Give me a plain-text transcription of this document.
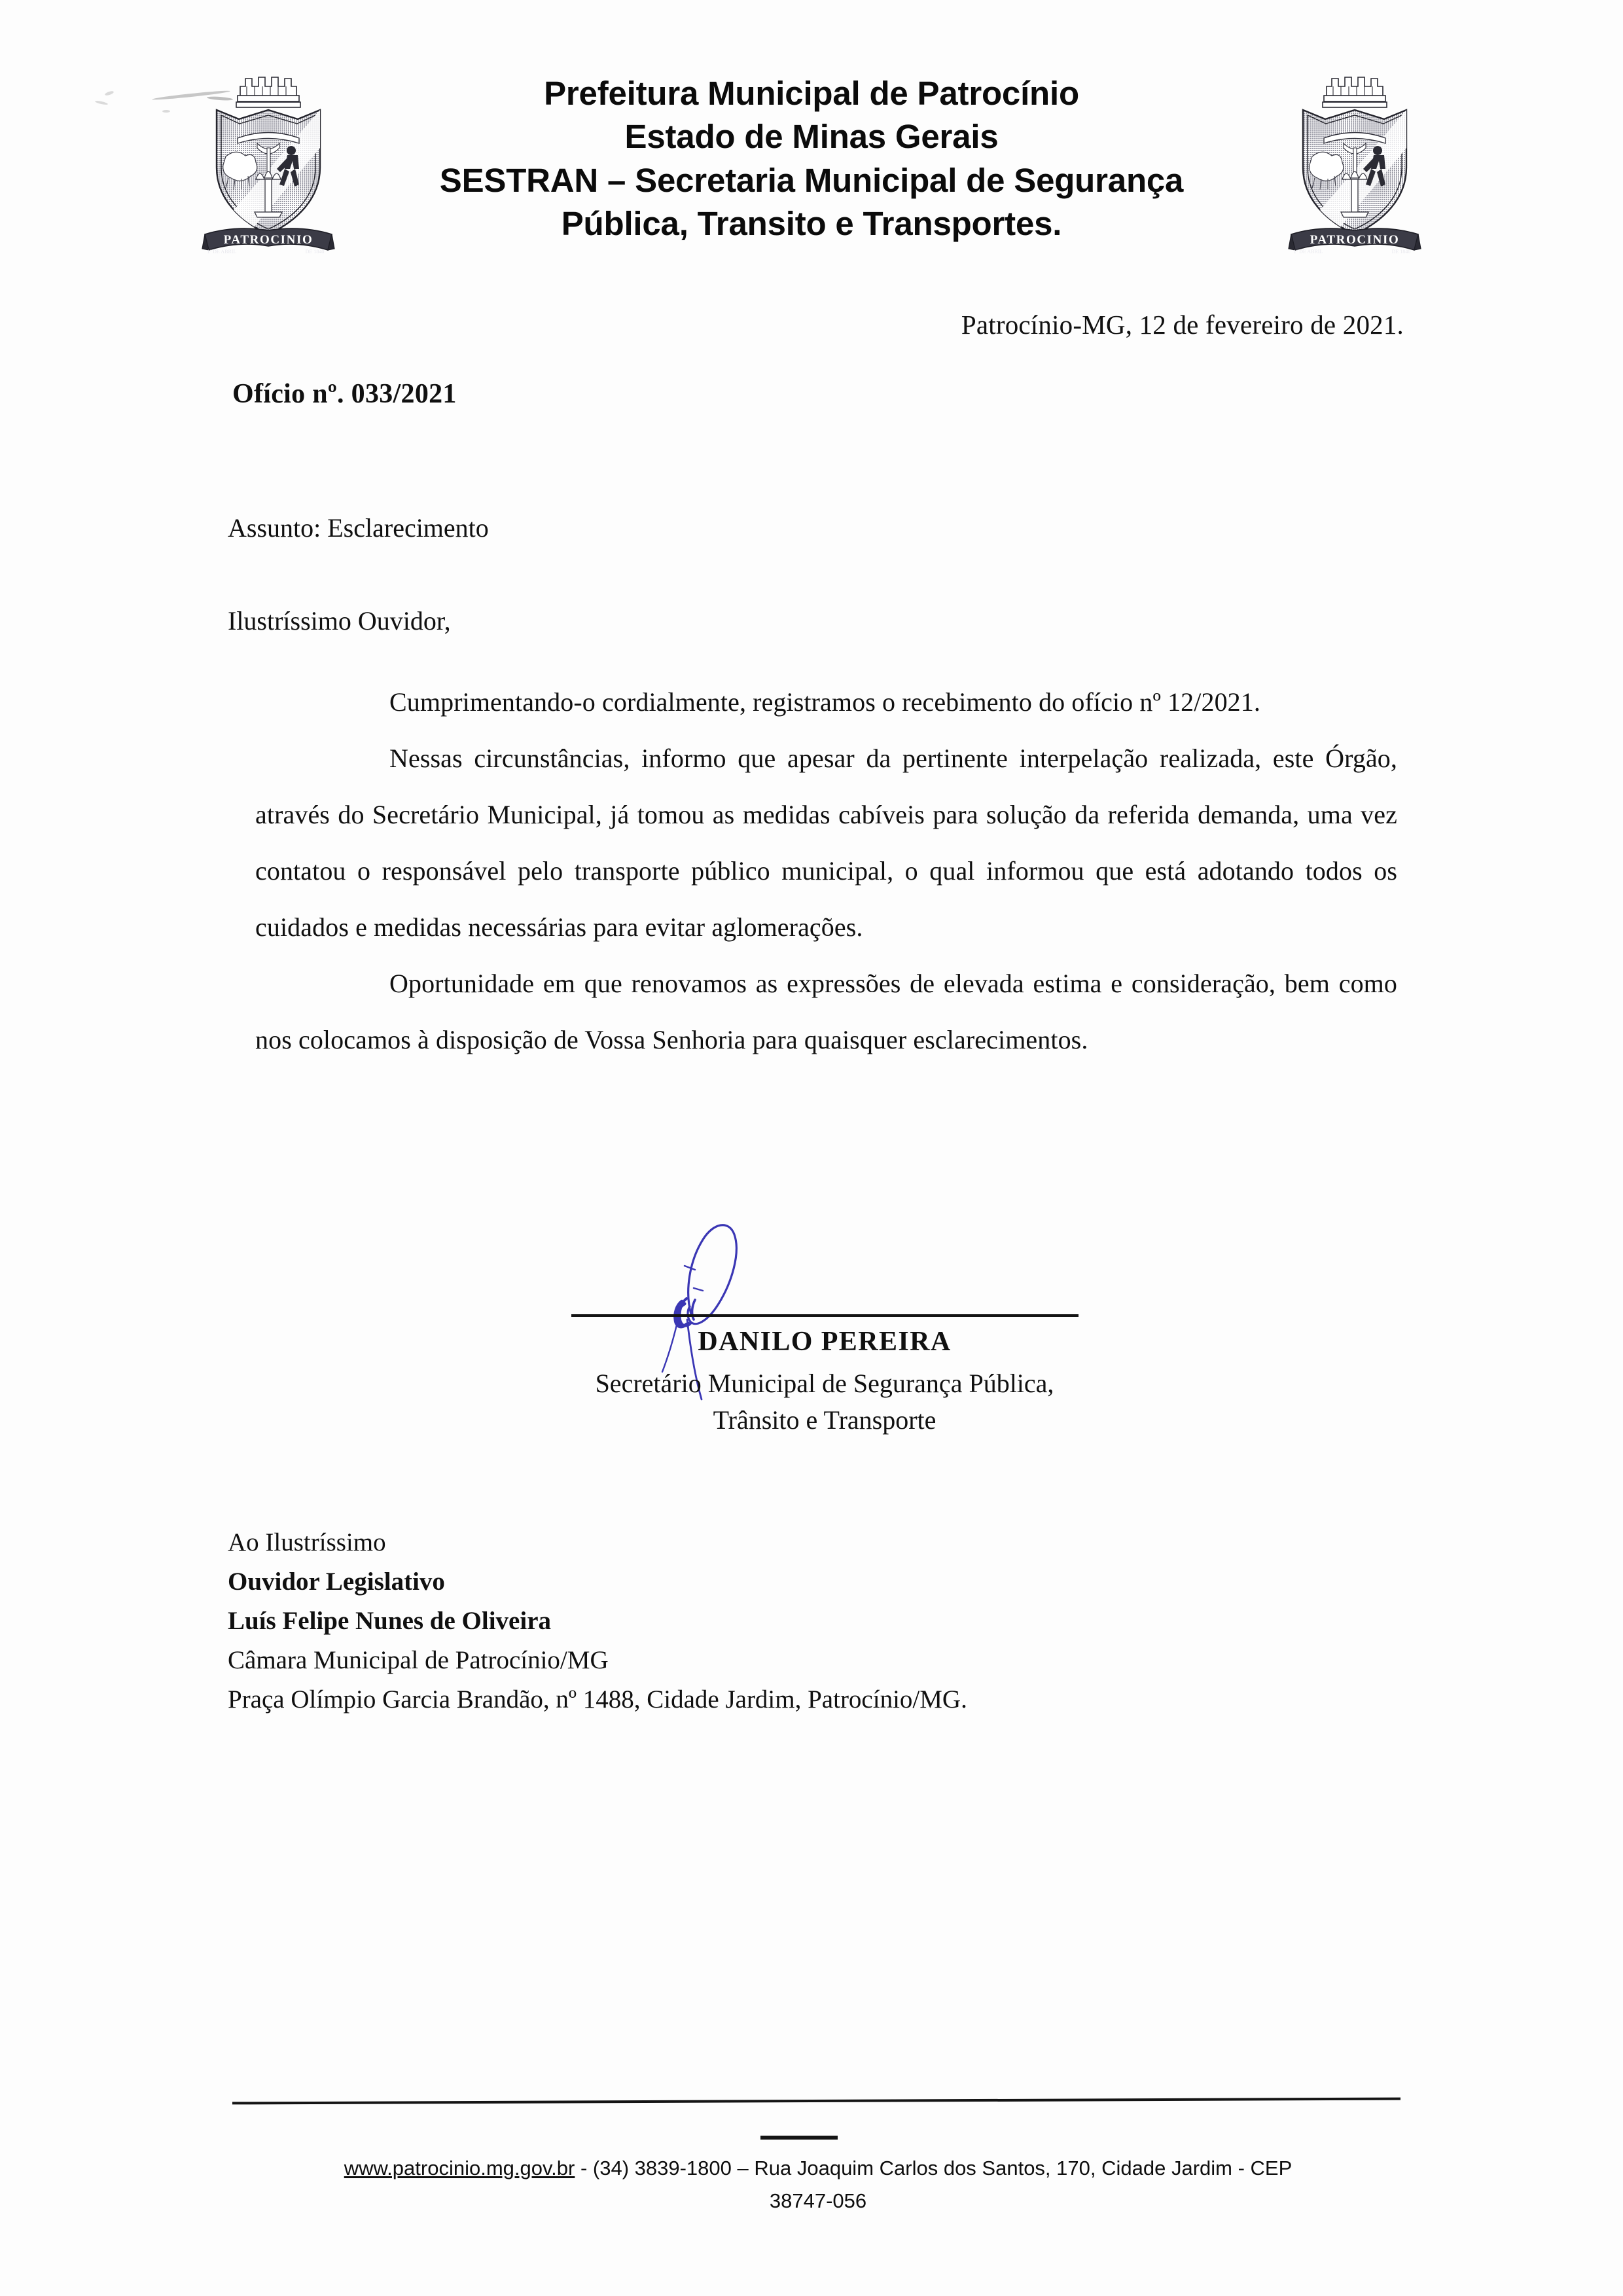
PATROCINIO
1º DE ABRIL	DE 1840
Prefeitura Municipal de Patrocínio
Estado de Minas Gerais
SESTRAN – Secretaria Municipal de Segurança
Pública, Transito e Transportes.	PATROCINIO
1º DE ABRIL	DE 1840
Patrocínio-MG, 12 de fevereiro de 2021.
Ofício nº. 033/2021
Assunto: Esclarecimento
Ilustríssimo Ouvidor,

Cumprimentando-o cordialmente, registramos o recebimento do ofício nº 12/2021.

Nessas circunstâncias, informo que apesar da pertinente interpelação realizada, este Órgão, através do Secretário Municipal, já tomou as medidas cabíveis para solução da referida demanda, uma vez contatou o responsável pelo transporte público municipal, o qual informou que está adotando todos os cuidados e medidas necessárias para evitar aglomerações.

Oportunidade em que renovamos as expressões de elevada estima e consideração, bem como nos colocamos à disposição de Vossa Senhoria para quaisquer esclarecimentos.

DANILO PEREIRA
Secretário Municipal de Segurança Pública,
Trânsito e Transporte
Ao Ilustríssimo
Ouvidor Legislativo
Luís Felipe Nunes de Oliveira
Câmara Municipal de Patrocínio/MG
Praça Olímpio Garcia Brandão, nº 1488, Cidade Jardim, Patrocínio/MG.
www.patrocinio.mg.gov.br - (34) 3839-1800 – Rua Joaquim Carlos dos Santos, 170, Cidade Jardim - CEP
38747-056
